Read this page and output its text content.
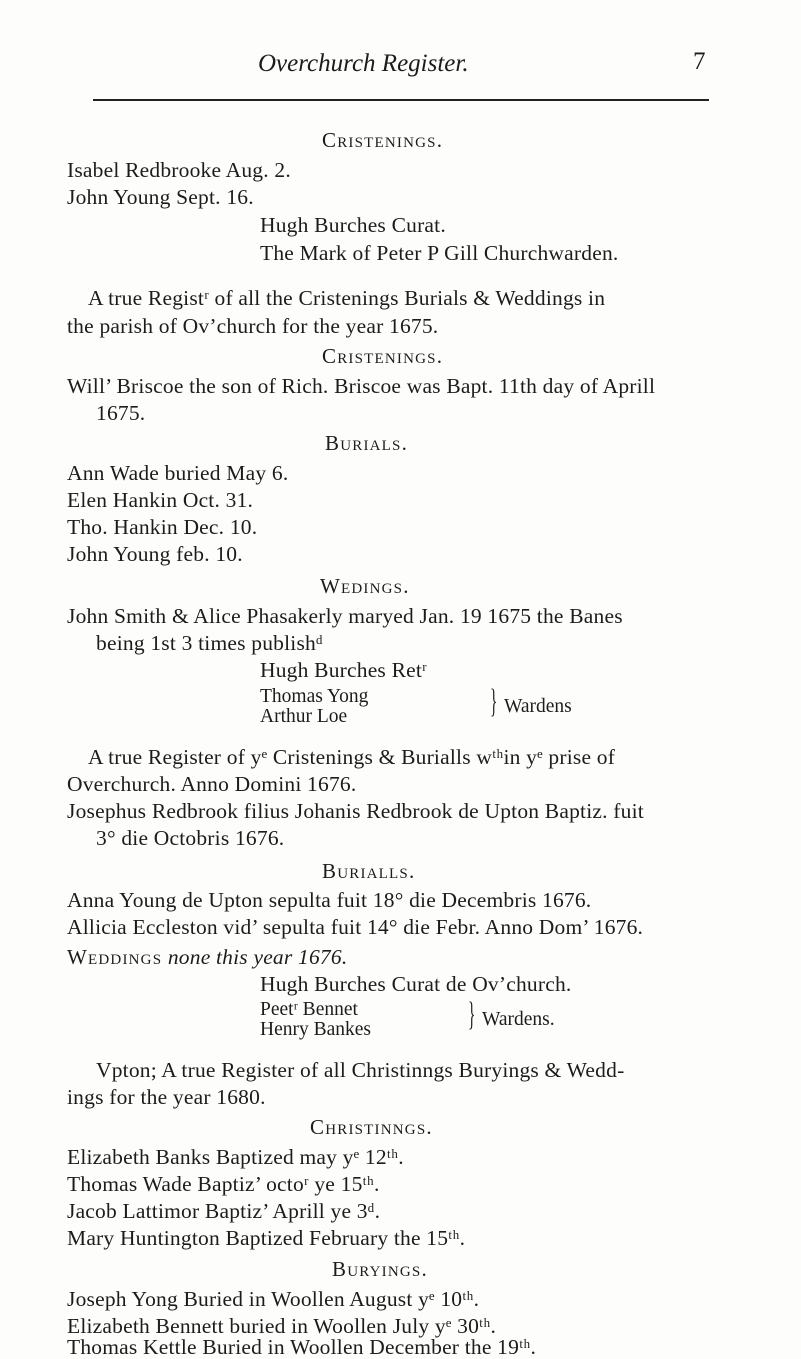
Overchurch Register.	7
Cristenings.
Isabel Redbrooke Aug. 2.
John Young Sept. 16.
Hugh Burches Curat.
The Mark of Peter P Gill Churchwarden.
A true Registʳ of all the Cristenings Burials & Weddings in
the parish of Ov’church for the year 1675.
Cristenings.
Will’ Briscoe the son of Rich. Briscoe was Bapt. 11th day of Aprill
1675.
Burials.
Ann Wade buried May 6.
Elen Hankin Oct. 31.
Tho. Hankin Dec. 10.
John Young feb. 10.
Wedings.
John Smith & Alice Phasakerly maryed Jan. 19 1675 the Banes
being 1st 3 times publishᵈ
Hugh Burches Retʳ
Thomas Yong
Arthur Loe	} Wardens
A true Register of yᵉ Cristenings & Burialls wᵗʰin yᵉ prise of
Overchurch. Anno Domini 1676.
Josephus Redbrook filius Johanis Redbrook de Upton Baptiz. fuit
3° die Octobris 1676.
Burialls.
Anna Young de Upton sepulta fuit 18° die Decembris 1676.
Allicia Eccleston vid’ sepulta fuit 14° die Febr. Anno Dom’ 1676.
Weddings none this year 1676.
Hugh Burches Curat de Ov’church.
Peetʳ Bennet
Henry Bankes	} Wardens.
Vpton; A true Register of all Christinngs Buryings & Wedd-
ings for the year 1680.
Christinngs.
Elizabeth Banks Baptized may yᵉ 12ᵗʰ.
Thomas Wade Baptiz’ octoʳ ye 15ᵗʰ.
Jacob Lattimor Baptiz’ Aprill ye 3ᵈ.
Mary Huntington Baptized February the 15ᵗʰ.
Buryings.
Joseph Yong Buried in Woollen August yᵉ 10ᵗʰ.
Elizabeth Bennett buried in Woollen July yᵉ 30ᵗʰ.
Thomas Kettle Buried in Woollen December the 19ᵗʰ.
